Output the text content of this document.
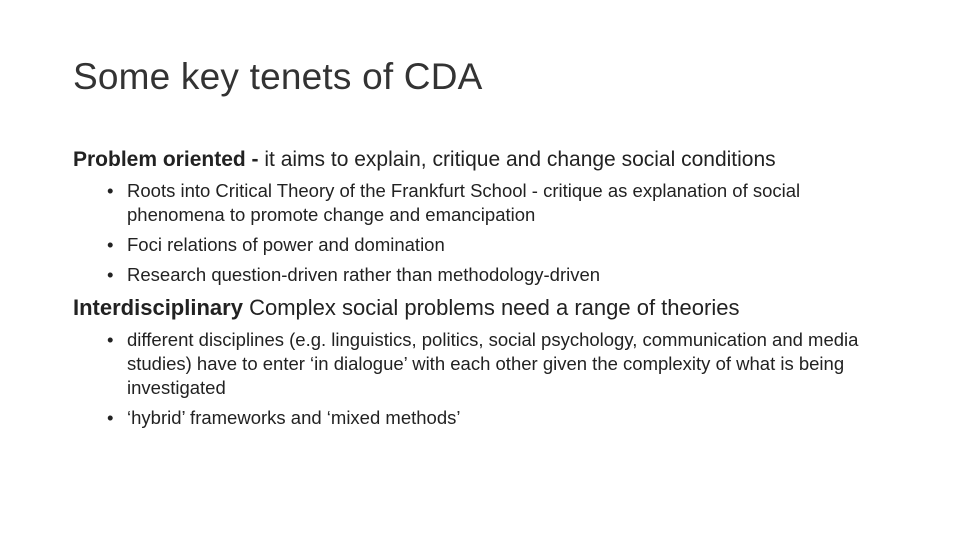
Some key tenets of CDA

Problem oriented - it aims to explain, critique and change social conditions

• Roots into Critical Theory of the Frankfurt School - critique as explanation of social phenomena to promote change and emancipation
• Foci relations of power and domination
• Research question-driven rather than methodology-driven

Interdisciplinary Complex social problems need a range of theories

• different disciplines (e.g. linguistics, politics, social psychology, communication and media studies) have to enter ‘in dialogue’ with each other given the complexity of what is being investigated
• ‘hybrid’ frameworks and ‘mixed methods’
